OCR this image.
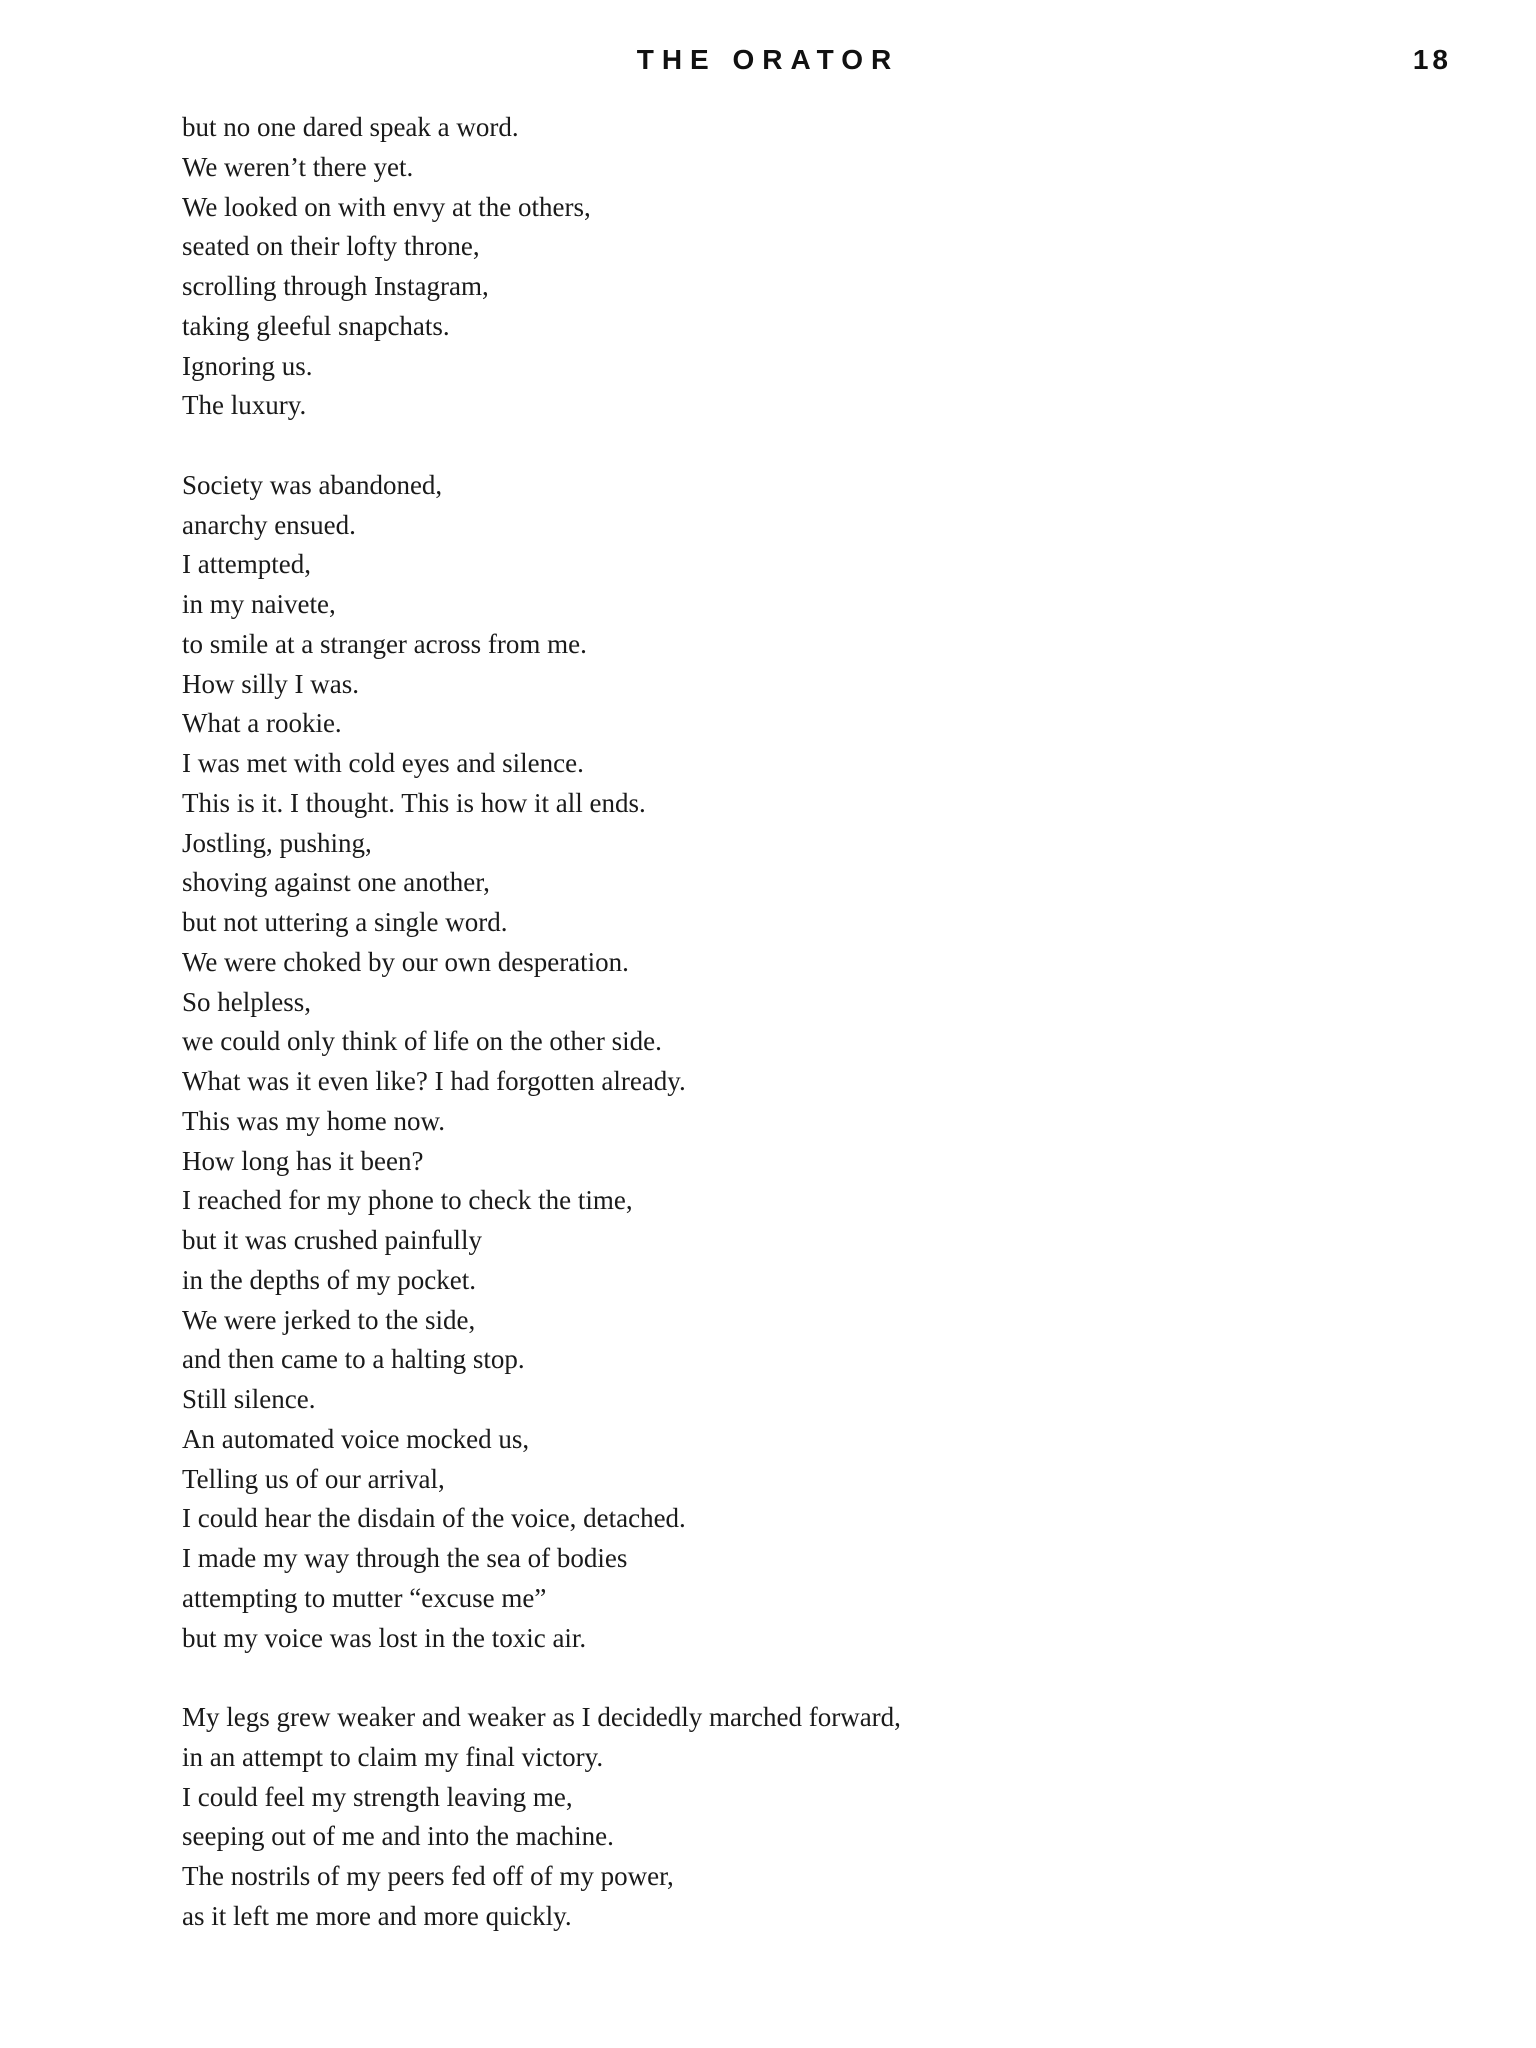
THE ORATOR	18
but no one dared speak a word.
We weren’t there yet.
We looked on with envy at the others,
seated on their lofty throne,
scrolling through Instagram,
taking gleeful snapchats.
Ignoring us.
The luxury.
Society was abandoned,
anarchy ensued.
I attempted,
in my naivete,
to smile at a stranger across from me.
How silly I was.
What a rookie.
I was met with cold eyes and silence.
This is it. I thought. This is how it all ends.
Jostling, pushing,
shoving against one another,
but not uttering a single word.
We were choked by our own desperation.
So helpless,
we could only think of life on the other side.
What was it even like? I had forgotten already.
This was my home now.
How long has it been?
I reached for my phone to check the time,
but it was crushed painfully
in the depths of my pocket.
We were jerked to the side,
and then came to a halting stop.
Still silence.
An automated voice mocked us,
Telling us of our arrival,
I could hear the disdain of the voice, detached.
I made my way through the sea of bodies
attempting to mutter “excuse me”
but my voice was lost in the toxic air.
My legs grew weaker and weaker as I decidedly marched forward,
in an attempt to claim my final victory.
I could feel my strength leaving me,
seeping out of me and into the machine.
The nostrils of my peers fed off of my power,
as it left me more and more quickly.
